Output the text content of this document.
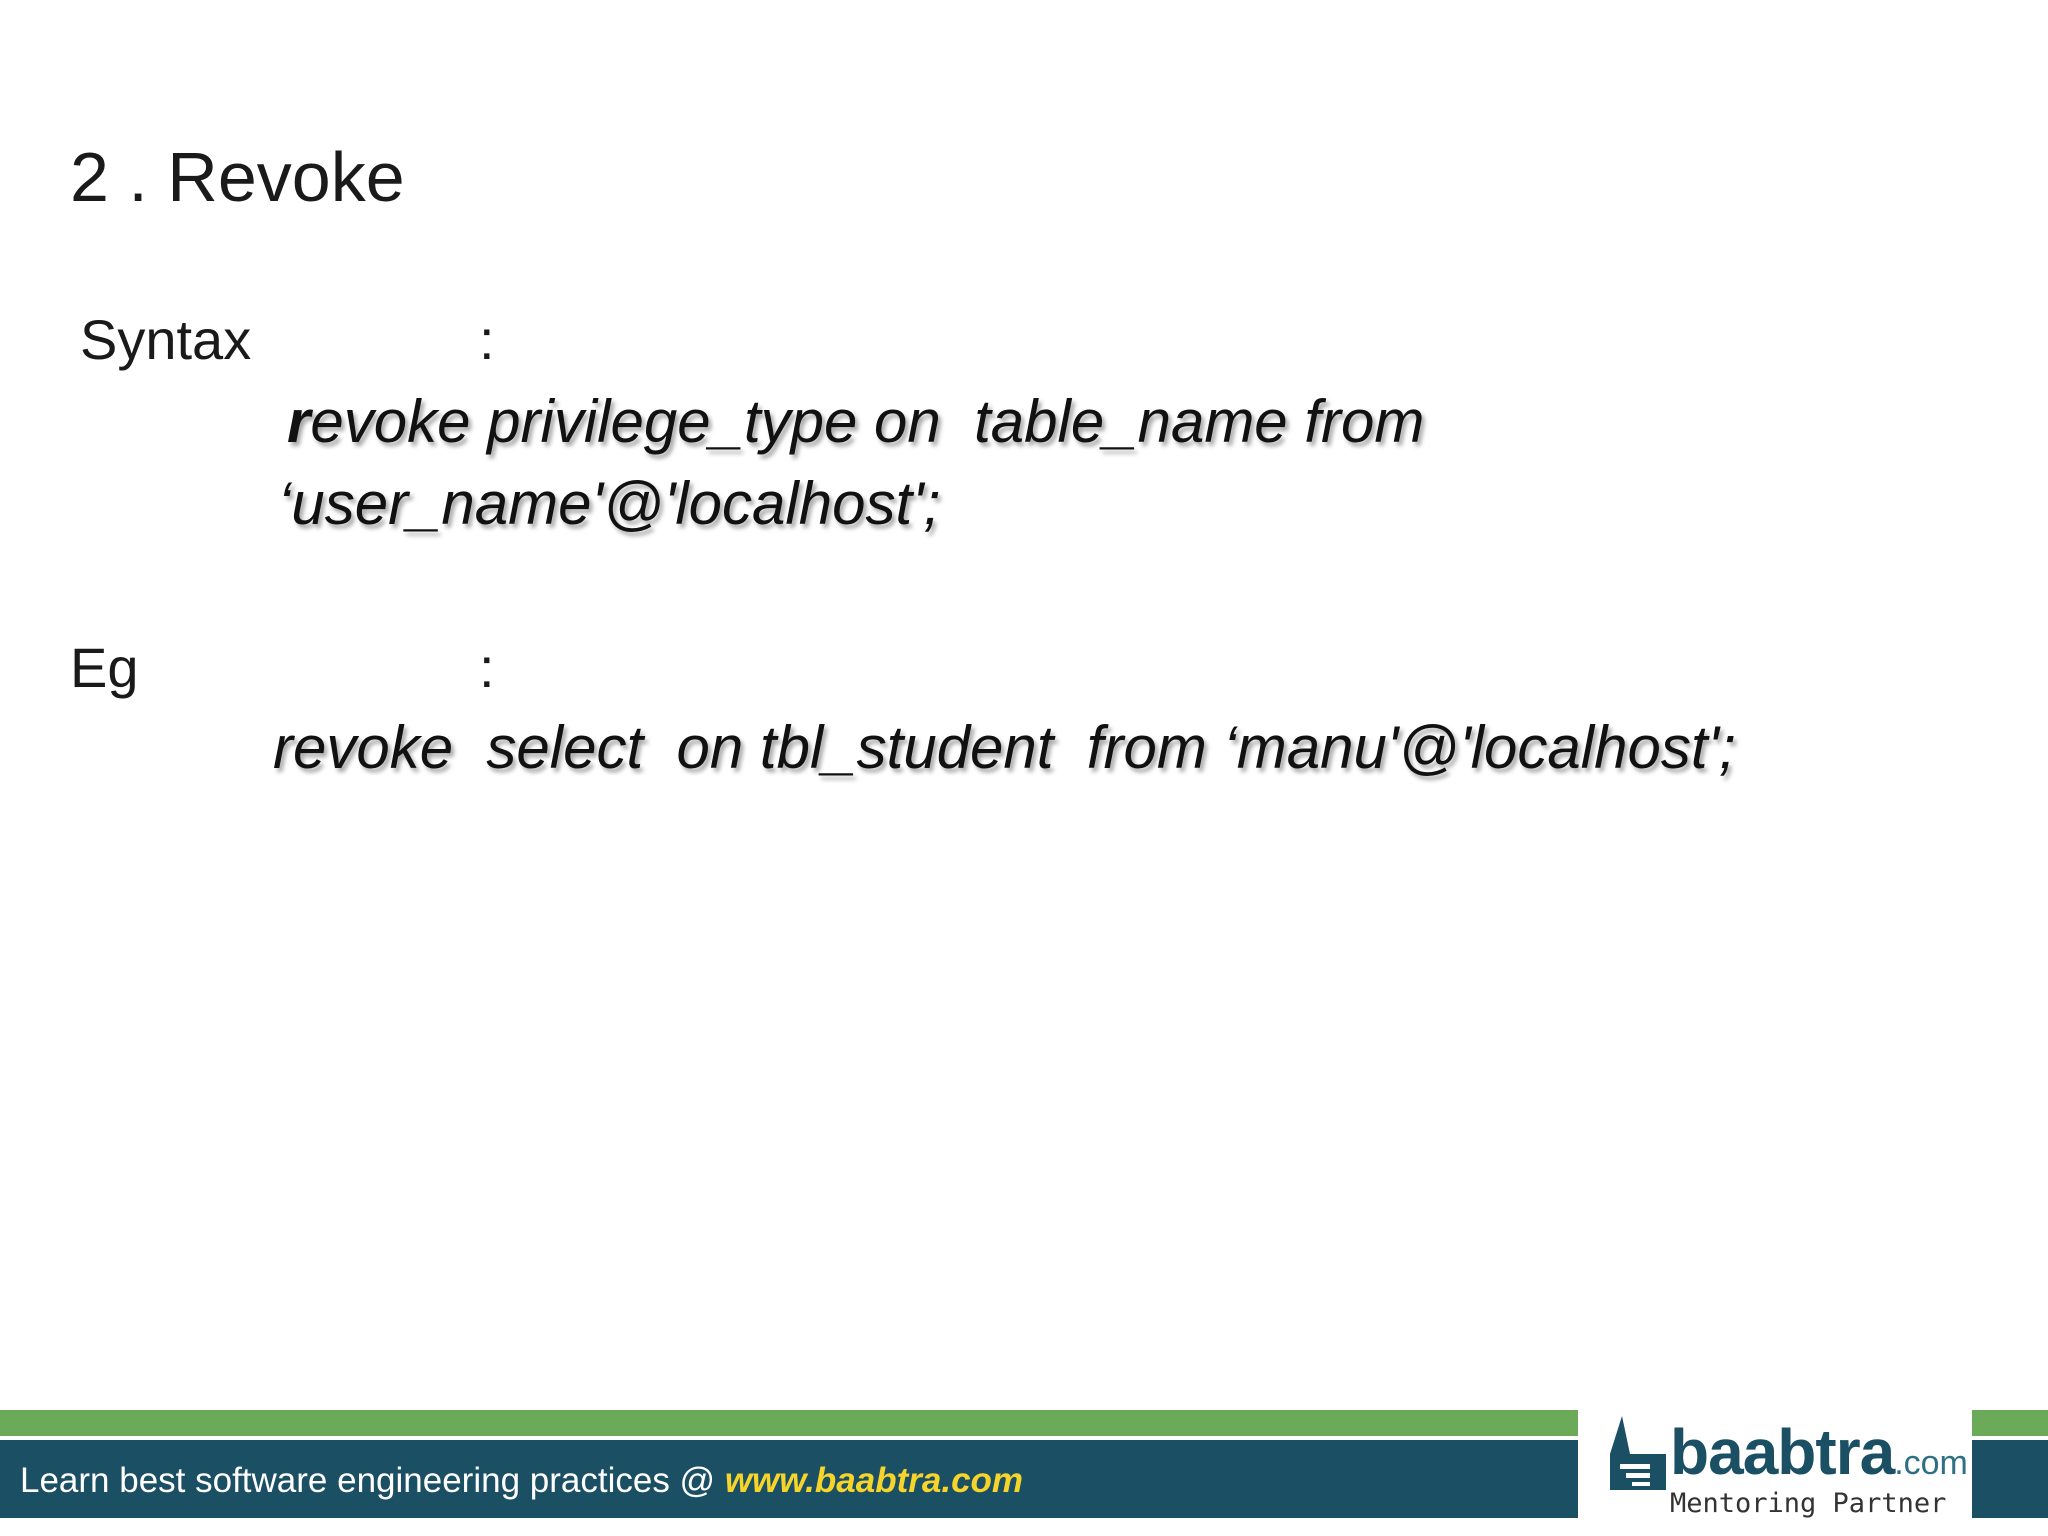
2 . Revoke
Syntax	:
revoke privilege_type on  table_name from
‘user_name'@'localhost';
Eg	:
revoke  select  on tbl_student  from ‘manu'@'localhost';
Learn best software engineering practices @ www.baabtra.com	baabtra.com
Mentoring Partner
